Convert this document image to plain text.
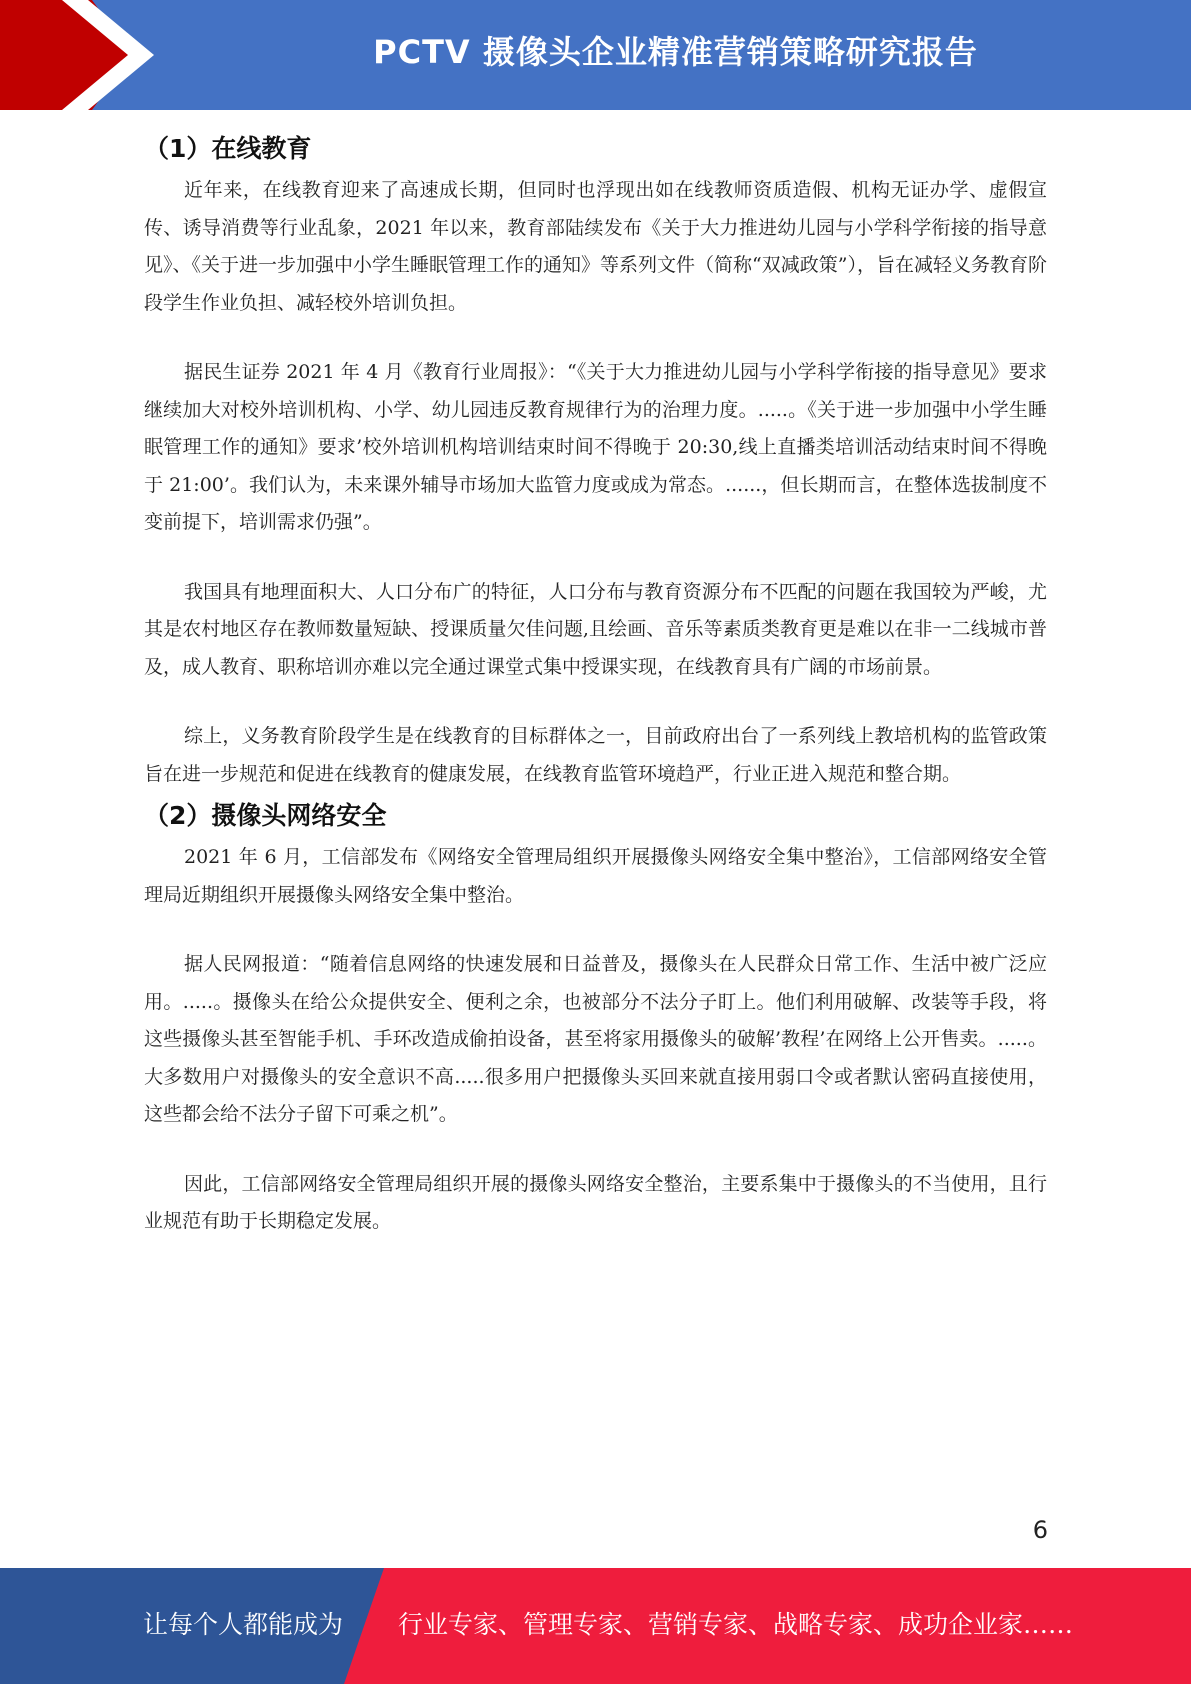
PCTV 摄像头企业精准营销策略研究报告
（1）在线教育

近年来，在线教育迎来了高速成长期，但同时也浮现出如在线教师资质造假、机构无证办学、虚假宣传、诱导消费等行业乱象，2021 年以来，教育部陆续发布《关于大力推进幼儿园与小学科学衔接的指导意见》、《关于进一步加强中小学生睡眠管理工作的通知》等系列文件（简称“双减政策”），旨在减轻义务教育阶段学生作业负担、减轻校外培训负担。

据民生证券 2021 年 4 月《教育行业周报》：“《关于大力推进幼儿园与小学科学衔接的指导意见》要求继续加大对校外培训机构、小学、幼儿园违反教育规律行为的治理力度。.....。《关于进一步加强中小学生睡眠管理工作的通知》要求’校外培训机构培训结束时间不得晚于 20:30,线上直播类培训活动结束时间不得晚于 21:00’。我们认为，未来课外辅导市场加大监管力度或成为常态。......，但长期而言，在整体选拔制度不变前提下，培训需求仍强”。

我国具有地理面积大、人口分布广的特征，人口分布与教育资源分布不匹配的问题在我国较为严峻，尤其是农村地区存在教师数量短缺、授课质量欠佳问题,且绘画、音乐等素质类教育更是难以在非一二线城市普及，成人教育、职称培训亦难以完全通过课堂式集中授课实现，在线教育具有广阔的市场前景。

综上，义务教育阶段学生是在线教育的目标群体之一，目前政府出台了一系列线上教培机构的监管政策旨在进一步规范和促进在线教育的健康发展，在线教育监管环境趋严，行业正进入规范和整合期。

（2）摄像头网络安全

2021 年 6 月，工信部发布《网络安全管理局组织开展摄像头网络安全集中整治》，工信部网络安全管理局近期组织开展摄像头网络安全集中整治。

据人民网报道：“随着信息网络的快速发展和日益普及，摄像头在人民群众日常工作、生活中被广泛应用。.....。摄像头在给公众提供安全、便利之余，也被部分不法分子盯上。他们利用破解、改装等手段，将这些摄像头甚至智能手机、手环改造成偷拍设备，甚至将家用摄像头的破解’教程’在网络上公开售卖。.....。大多数用户对摄像头的安全意识不高.....很多用户把摄像头买回来就直接用弱口令或者默认密码直接使用，这些都会给不法分子留下可乘之机”。

因此，工信部网络安全管理局组织开展的摄像头网络安全整治，主要系集中于摄像头的不当使用，且行业规范有助于长期稳定发展。

6
让每个人都能成为 行业专家、管理专家、营销专家、战略专家、成功企业家……
